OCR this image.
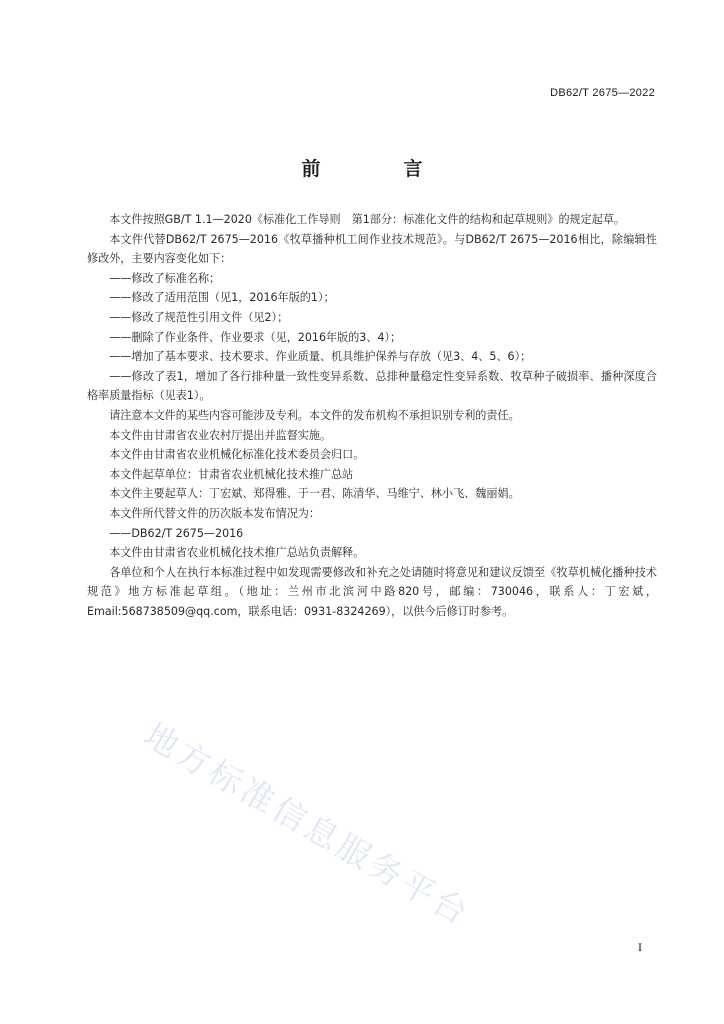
DB62/T 2675—2022
前　言

本文件按照GB/T 1.1—2020《标准化工作导则　第1部分：标准化文件的结构和起草规则》的规定起草。

本文件代替DB62/T 2675—2016《牧草播种机工间作业技术规范》。与DB62/T 2675—2016相比，除编辑性修改外，主要内容变化如下：

——修改了标准名称；

——修改了适用范围（见1，2016年版的1）；

——修改了规范性引用文件（见2）；

——删除了作业条件、作业要求（见，2016年版的3、4）；

——增加了基本要求、技术要求、作业质量、机具维护保养与存放（见3、4、5、6）；

——修改了表1，增加了各行排种量一致性变异系数、总排种量稳定性变异系数、牧草种子破损率、播种深度合格率质量指标（见表1）。

请注意本文件的某些内容可能涉及专利。本文件的发布机构不承担识别专利的责任。

本文件由甘肃省农业农村厅提出并监督实施。

本文件由甘肃省农业机械化标准化技术委员会归口。

本文件起草单位：甘肃省农业机械化技术推广总站

本文件主要起草人：丁宏斌、郑得雅、于一君、陈清华、马维宁、林小飞、魏丽娟。

本文件所代替文件的历次版本发布情况为：

——DB62/T 2675—2016

本文件由甘肃省农业机械化技术推广总站负责解释。

各单位和个人在执行本标准过程中如发现需要修改和补充之处请随时将意见和建议反馈至《牧草机械化播种技术规范》地方标准起草组。（地址：兰州市北滨河中路820号，邮编：730046，联系人：丁宏斌，Email:568738509@qq.com，联系电话：0931-8324269），以供今后修订时参考。

地方标准信息服务平台
I
